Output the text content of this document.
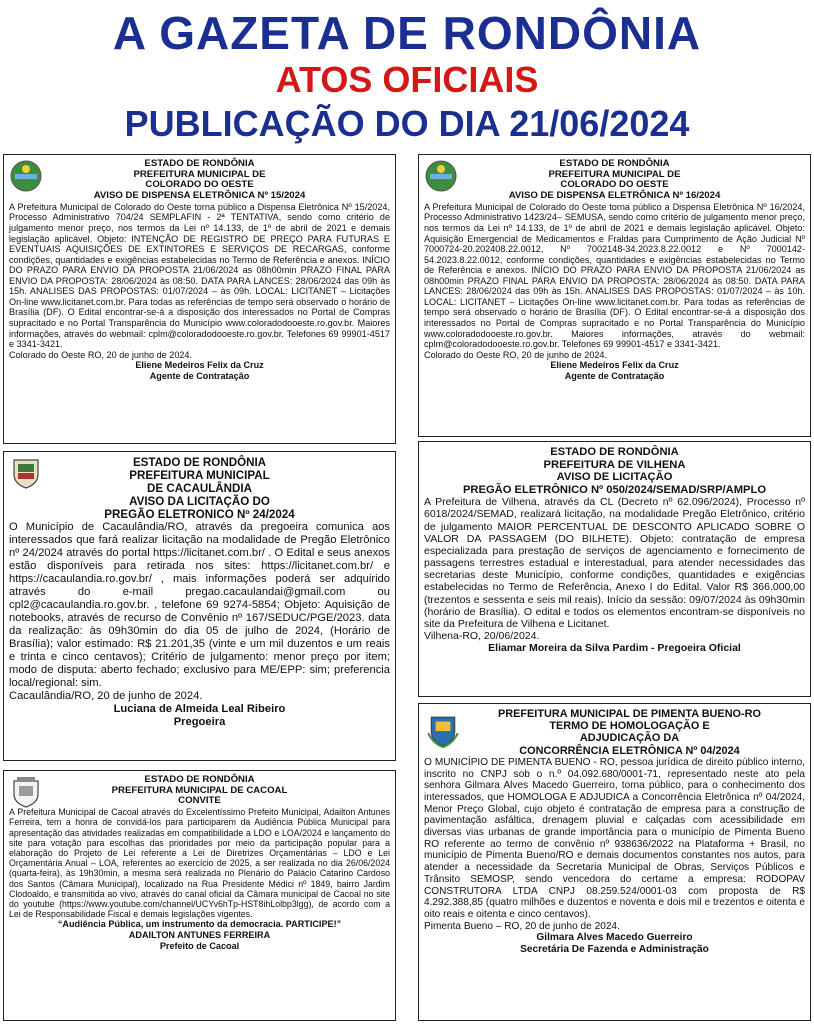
A GAZETA DE RONDÔNIA
ATOS OFICIAIS
PUBLICAÇÃO DO DIA 21/06/2024
ESTADO DE RONDÔNIA
PREFEITURA MUNICIPAL DE
COLORADO DO OESTE
AVISO DE DISPENSA ELETRÔNICA Nº 15/2024
A Prefeitura Municipal de Colorado do Oeste torna público a Dispensa Eletrônica Nº 15/2024, Processo Administrativo 704/24 SEMPLAFIN - 2ª TENTATIVA, sendo como critério de julgamento menor preço, nos termos da Lei nº 14.133, de 1º de abril de 2021 e demais legislação aplicável. Objeto: INTENÇÃO DE REGISTRO DE PREÇO PARA FUTURAS E EVENTUAIS AQUISIÇÕES DE EXTINTORES E SERVIÇOS DE RECARGAS, conforme condições, quantidades e exigências estabelecidas no Termo de Referência e anexos. INÍCIO DO PRAZO PARA ENVIO DA PROPOSTA 21/06/2024 as 08h00min PRAZO FINAL PARA ENVIO DA PROPOSTA: 28/06/2024 às 08:50. DATA PARA LANCES: 28/06/2024 das 09h às 15h. ANALISES DAS PROPOSTAS: 01/07/2024 – às 09h. LOCAL: LICITANET – Licitações On-line www.licitanet.com.br. Para todas as referências de tempo será observado o horário de Brasília (DF). O Edital encontrar-se-á a disposição dos interessados no Portal de Compras supracitado e no Portal Transparência do Município www.coloradodooeste.ro.gov.br. Maiores informações, através do webmail: cplm@coloradodooeste.ro.gov.br. Telefones 69 99901-4517 e 3341-3421.
Colorado do Oeste RO, 20 de junho de 2024.
Eliene Medeiros Felix da Cruz
Agente de Contratação
ESTADO DE RONDÔNIA
PREFEITURA MUNICIPAL DE
COLORADO DO OESTE
AVISO DE DISPENSA ELETRÔNICA Nº 16/2024
A Prefeitura Municipal de Colorado do Oeste torna público a Dispensa Eletrônica Nº 16/2024, Processo Administrativo 1423/24– SEMUSA, sendo como critério de julgamento menor preço, nos termos da Lei nº 14.133, de 1º de abril de 2021 e demais legislação aplicável. Objeto: Aquisição Emergencial de Medicamentos e Fraldas para Cumprimento de Ação Judicial Nº 7000724-20.202408.22.0012, Nº 7002148-34.2023.8.22.0012 e Nº 7000142-54.2023.8.22.0012, conforme condições, quantidades e exigências estabelecidas no Termo de Referência e anexos. INÍCIO DO PRAZO PARA ENVIO DA PROPOSTA 21/06/2024 as 08h00min PRAZO FINAL PARA ENVIO DA PROPOSTA: 28/06/2024 às 08:50. DATA PARA LANCES: 28/06/2024 das 09h às 15h. ANALISES DAS PROPOSTAS: 01/07/2024 – às 10h. LOCAL: LICITANET – Licitações On-line www.licitanet.com.br. Para todas as referências de tempo será observado o horário de Brasília (DF). O Edital encontrar-se-á a disposição dos interessados no Portal de Compras supracitado e no Portal Transparência do Município www.coloradodooeste.ro.gov.br. Maiores informações, através do webmail: cplm@coloradodooeste.ro.gov.br. Telefones 69 99901-4517 e 3341-3421.
Colorado do Oeste RO, 20 de junho de 2024.
Eliene Medeiros Felix da Cruz
Agente de Contratação
ESTADO DE RONDÔNIA
PREFEITURA MUNICIPAL
DE CACAULÂNDIA
AVISO DA LICITAÇÃO DO
PREGÃO ELETRONICO Nº 24/2024
O Município de Cacaulândia/RO, através da pregoeira comunica aos interessados que fará realizar licitação na modalidade de Pregão Eletrônico nº 24/2024 através do portal https://licitanet.com.br/ . O Edital e seus anexos estão disponíveis para retirada nos sites: https://licitanet.com.br/ e https://cacaulandia.ro.gov.br/ , mais informações poderá ser adquirido através do e-mail pregao.cacaulandai@gmail.com ou cpl2@cacaulandia.ro.gov.br. , telefone 69 9274-5854; Objeto: Aquisição de notebooks, através de recurso de Convênio nº 167/SEDUC/PGE/2023. data da realização: às 09h30min do dia 05 de julho de 2024, (Horário de Brasília); valor estimado: R$ 21.201,35 (vinte e um mil duzentos e um reais e trinta e cinco centavos); Critério de julgamento: menor preço por item; modo de disputa: aberto fechado; exclusivo para ME/EPP: sim; preferencia local/regional: sim.
Cacaulândia/RO, 20 de junho de 2024.
Luciana de Almeida Leal Ribeiro
Pregoeira
ESTADO DE RONDÔNIA
PREFEITURA DE VILHENA
AVISO DE LICITAÇÃO
PREGÃO ELETRÔNICO Nº 050/2024/SEMAD/SRP/AMPLO
A Prefeitura de Vilhena, através da CL (Decreto nº 62.096/2024), Processo nº 6018/2024/SEMAD, realizará licitação, na modalidade Pregão Eletrônico, critério de julgamento MAIOR PERCENTUAL DE DESCONTO APLICADO SOBRE O VALOR DA PASSAGEM (DO BILHETE). Objeto: contratação de empresa especializada para prestação de serviços de agenciamento e fornecimento de passagens terrestres estadual e interestadual, para atender necessidades das secretarias deste Município, conforme condições, quantidades e exigências estabelecidas no Termo de Referência, Anexo I do Edital. Valor R$ 366.000,00 (trezentos e sessenta e seis mil reais). Início da sessão: 09/07/2024 às 09h30min (horário de Brasília). O edital e todos os elementos encontram-se disponíveis no site da Prefeitura de Vilhena e Licitanet.
Vilhena-RO, 20/06/2024.
Eliamar Moreira da Silva Pardim - Pregoeira Oficial
ESTADO DE RONDÔNIA
PREFEITURA MUNICIPAL DE CACOAL
CONVITE
A Prefeitura Municipal de Cacoal através do Excelentíssimo Prefeito Municipal, Adailton Antunes Ferreira, tem a honra de convidá-los para participarem da Audiência Pública Municipal para apresentação das atividades realizadas em compatibilidade a LDO e LOA/2024 e lançamento do site para votação para escolhas das prioridades por meio da participação popular para a elaboração do Projeto de Lei referente a Lei de Diretrizes Orçamentárias – LDO e Lei Orçamentária Anual – LOA, referentes ao exercício de 2025, a ser realizada no dia 26/06/2024 (quarta-feira), às 19h30min, a mesma será realizada no Plenário do Palácio Catarino Cardoso dos Santos (Câmara Municipal), localizado na Rua Presidente Médici nº 1849, bairro Jardim Clodoaldo, e transmitida ao vivo, através do canal oficial da Câmara municipal de Cacoal no site do youtube (https://www.youtube.com/channel/UCYv6hTp-HST8ihLolbp3lgg), de acordo com a Lei de Responsabilidade Fiscal e demais legislações vigentes.
“Audiência Pública, um instrumento da democracia. PARTICIPE!”
ADAILTON ANTUNES FERREIRA
Prefeito de Cacoal
PREFEITURA MUNICIPAL DE PIMENTA BUENO-RO
TERMO DE HOMOLOGAÇÃO E
ADJUDICAÇÃO DA
CONCORRÊNCIA ELETRÔNICA Nº 04/2024
O MUNICÍPIO DE PIMENTA BUENO - RO, pessoa jurídica de direito público interno, inscrito no CNPJ sob o n.º 04.092.680/0001-71, representado neste ato pela senhora Gilmara Alves Macedo Guerreiro, torna público, para o conhecimento dos interessados, que HOMOLOGA E ADJUDICA a Concorrência Eletrônica nº 04/2024, Menor Preço Global, cujo objeto é contratação de empresa para a construção de pavimentação asfáltica, drenagem pluvial e calçadas com acessibilidade em diversas vias urbanas de grande importância para o município de Pimenta Bueno RO referente ao termo de convênio nº 938636/2022 na Plataforma + Brasil, no município de Pimenta Bueno/RO e demais documentos constantes nos autos, para atender a necessidade da Secretaria Municipal de Obras, Serviços Públicos e Trânsito SEMOSP, sendo vencedora do certame a empresa: RODOPAV CONSTRUTORA LTDA CNPJ 08.259.524/0001-03 com proposta de R$ 4.292.388,85 (quatro milhões e duzentos e noventa e dois mil e trezentos e oitenta e oito reais e oitenta e cinco centavos).
Pimenta Bueno – RO, 20 de junho de 2024.
Gilmara Alves Macedo Guerreiro
Secretária De Fazenda e Administração
